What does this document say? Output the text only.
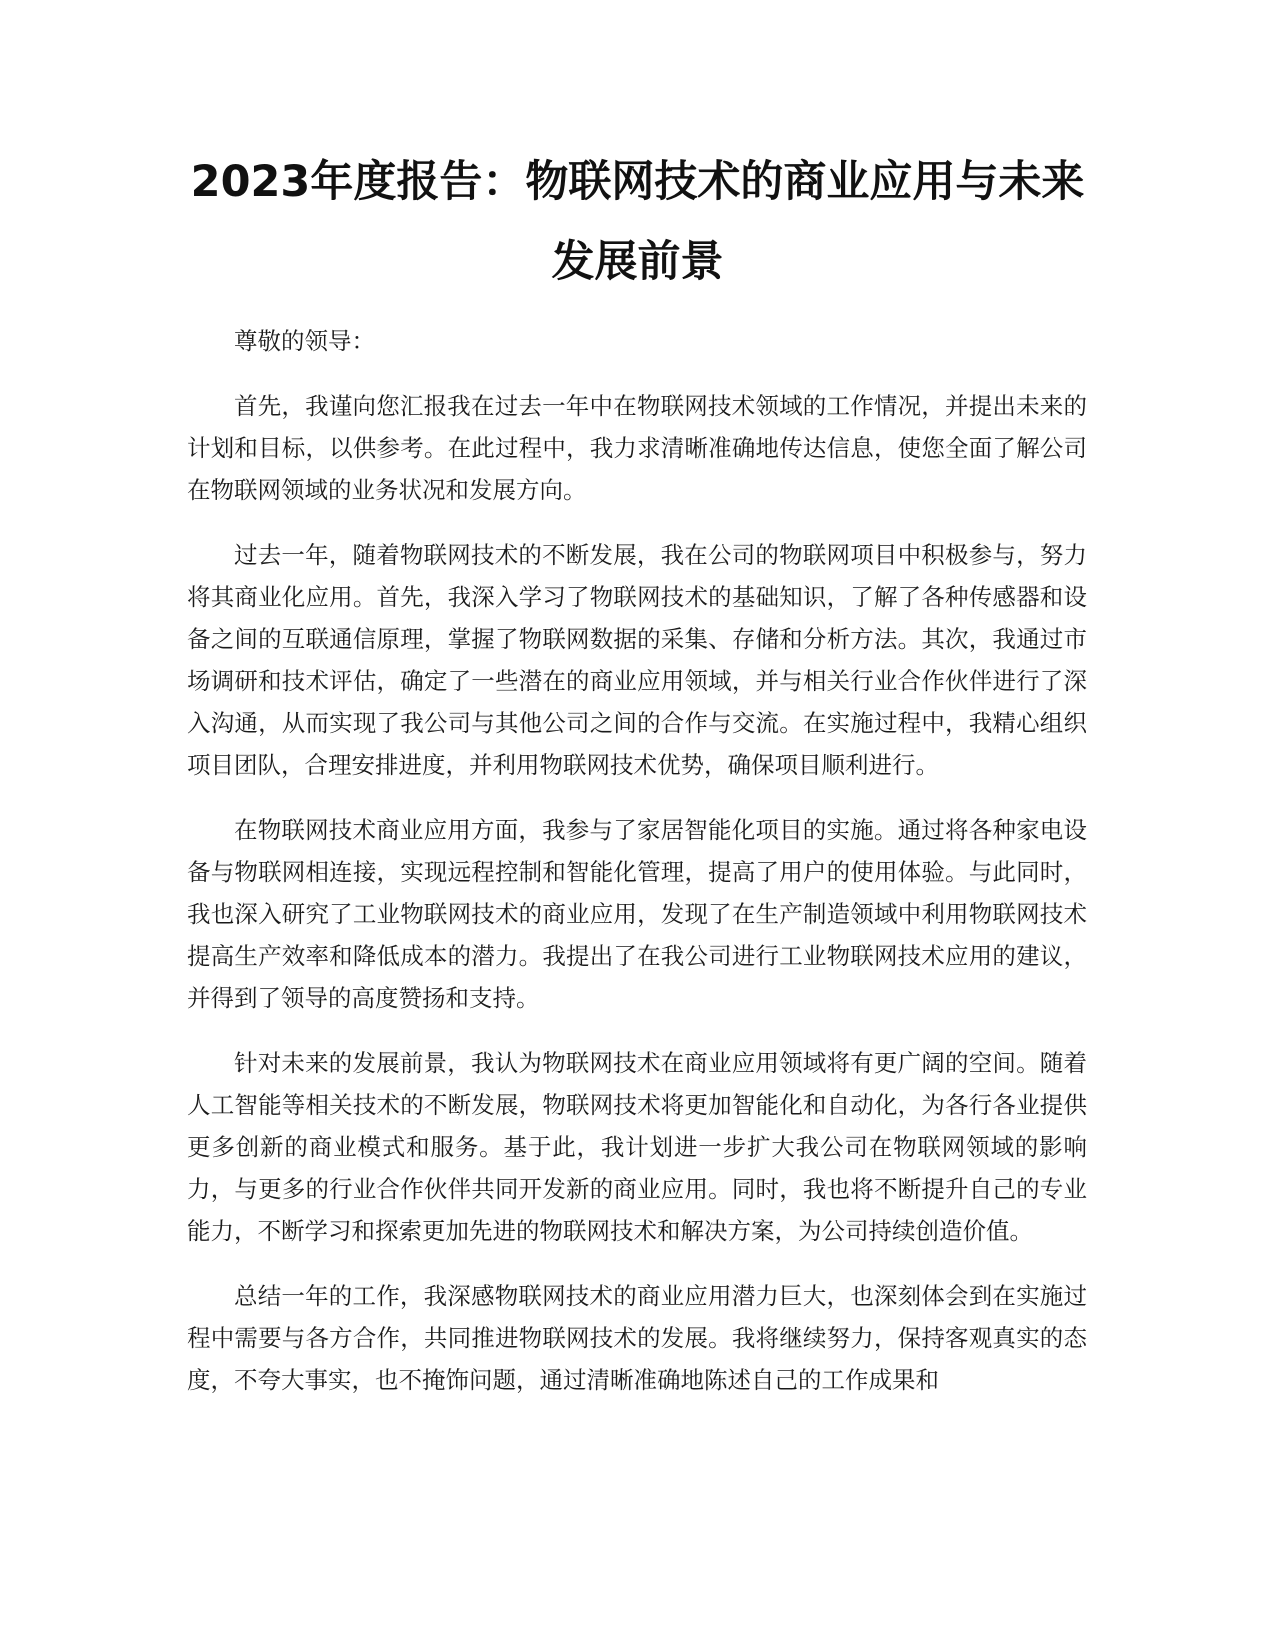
2023年度报告：物联网技术的商业应用与未来发展前景

尊敬的领导：

首先，我谨向您汇报我在过去一年中在物联网技术领域的工作情况，并提出未来的计划和目标，以供参考。在此过程中，我力求清晰准确地传达信息，使您全面了解公司在物联网领域的业务状况和发展方向。

过去一年，随着物联网技术的不断发展，我在公司的物联网项目中积极参与，努力将其商业化应用。首先，我深入学习了物联网技术的基础知识，了解了各种传感器和设备之间的互联通信原理，掌握了物联网数据的采集、存储和分析方法。其次，我通过市场调研和技术评估，确定了一些潜在的商业应用领域，并与相关行业合作伙伴进行了深入沟通，从而实现了我公司与其他公司之间的合作与交流。在实施过程中，我精心组织项目团队，合理安排进度，并利用物联网技术优势，确保项目顺利进行。

在物联网技术商业应用方面，我参与了家居智能化项目的实施。通过将各种家电设备与物联网相连接，实现远程控制和智能化管理，提高了用户的使用体验。与此同时，我也深入研究了工业物联网技术的商业应用，发现了在生产制造领域中利用物联网技术提高生产效率和降低成本的潜力。我提出了在我公司进行工业物联网技术应用的建议，并得到了领导的高度赞扬和支持。

针对未来的发展前景，我认为物联网技术在商业应用领域将有更广阔的空间。随着人工智能等相关技术的不断发展，物联网技术将更加智能化和自动化，为各行各业提供更多创新的商业模式和服务。基于此，我计划进一步扩大我公司在物联网领域的影响力，与更多的行业合作伙伴共同开发新的商业应用。同时，我也将不断提升自己的专业能力，不断学习和探索更加先进的物联网技术和解决方案，为公司持续创造价值。

总结一年的工作，我深感物联网技术的商业应用潜力巨大，也深刻体会到在实施过程中需要与各方合作，共同推进物联网技术的发展。我将继续努力，保持客观真实的态度，不夸大事实，也不掩饰问题，通过清晰准确地陈述自己的工作成果和
